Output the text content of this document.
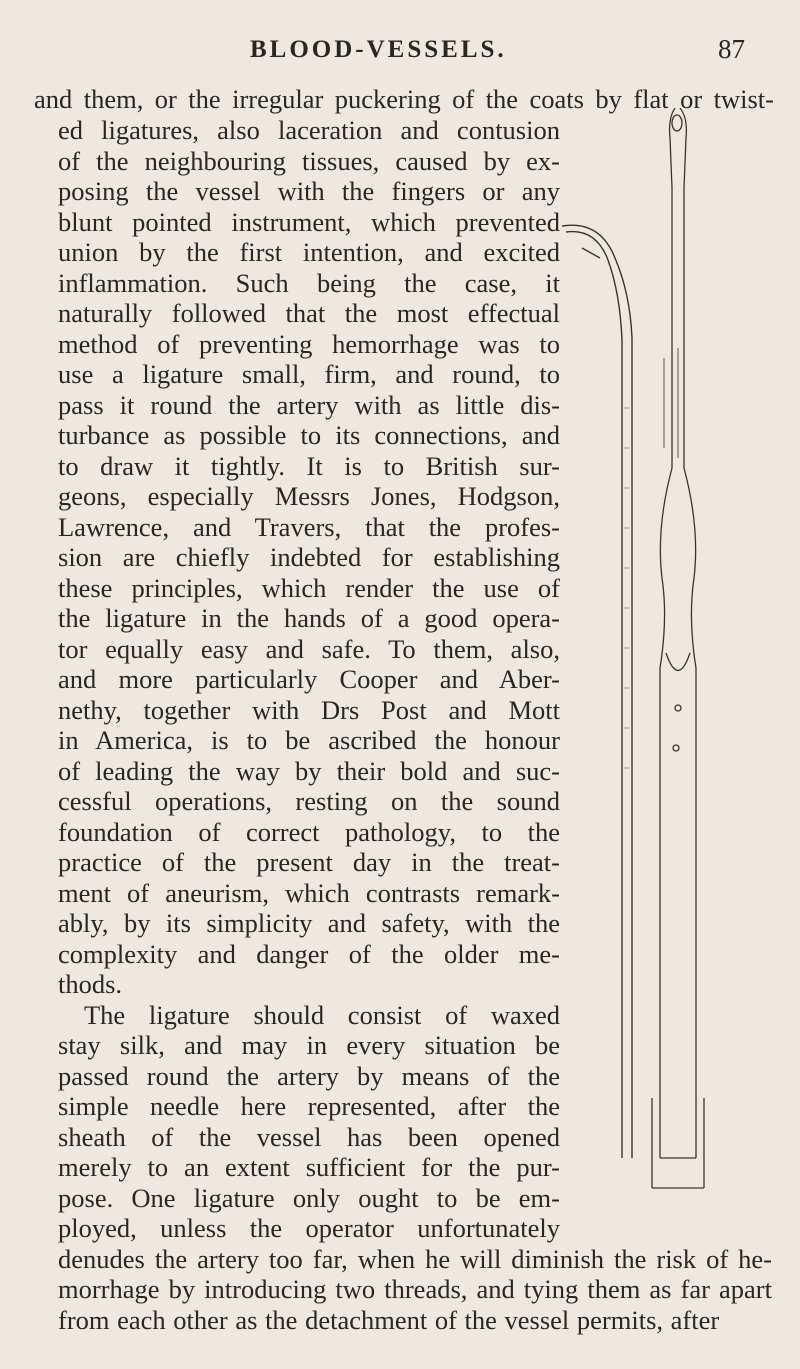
BLOOD-VESSELS.	87
and them, or the irregular puckering of the coats by flat or twist-
ed ligatures, also laceration and contusion
of the neighbouring tissues, caused by ex-
posing the vessel with the fingers or any
blunt pointed instrument, which prevented
union by the first intention, and excited
inflammation. Such being the case, it
naturally followed that the most effectual
method of preventing hemorrhage was to
use a ligature small, firm, and round, to
pass it round the artery with as little dis-
turbance as possible to its connections, and
to draw it tightly. It is to British sur-
geons, especially Messrs Jones, Hodgson,
Lawrence, and Travers, that the profes-
sion are chiefly indebted for establishing
these principles, which render the use of
the ligature in the hands of a good opera-
tor equally easy and safe. To them, also,
and more particularly Cooper and Aber-
nethy, together with Drs Post and Mott
in America, is to be ascribed the honour
of leading the way by their bold and suc-
cessful operations, resting on the sound
foundation of correct pathology, to the
practice of the present day in the treat-
ment of aneurism, which contrasts remark-
ably, by its simplicity and safety, with the
complexity and danger of the older me-
thods.
The ligature should consist of waxed
stay silk, and may in every situation be
passed round the artery by means of the
simple needle here represented, after the
sheath of the vessel has been opened
merely to an extent sufficient for the pur-
pose. One ligature only ought to be em-
ployed, unless the operator unfortunately
denudes the artery too far, when he will diminish the risk of he-
morrhage by introducing two threads, and tying them as far apart
from each other as the detachment of the vessel permits, after
